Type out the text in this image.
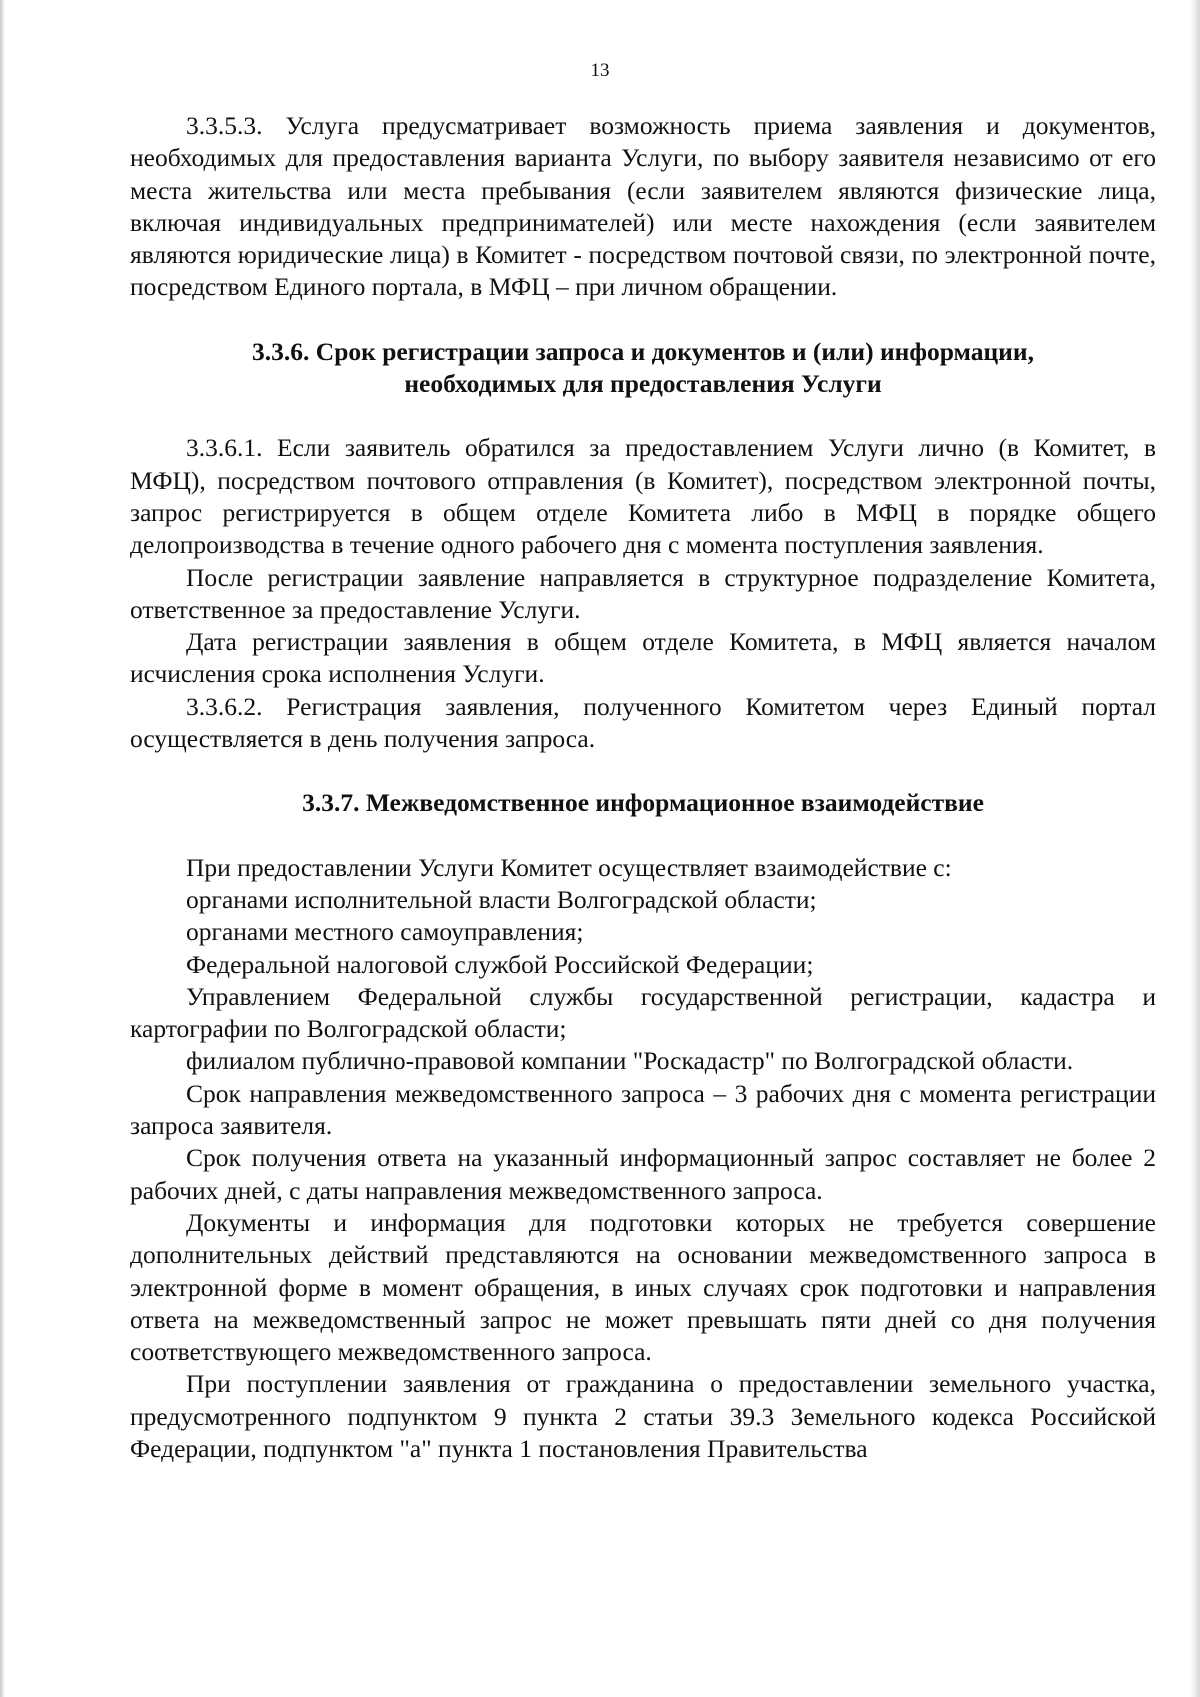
13

3.3.5.3. Услуга предусматривает возможность приема заявления и документов, необходимых для предоставления варианта Услуги, по выбору заявителя независимо от его места жительства или места пребывания (если заявителем являются физические лица, включая индивидуальных предпринимателей) или месте нахождения (если заявителем являются юридические лица) в Комитет - посредством почтовой связи, по электронной почте, посредством Единого портала, в МФЦ – при личном обращении.

3.3.6. Срок регистрации запроса и документов и (или) информации,
необходимых для предоставления Услуги

3.3.6.1. Если заявитель обратился за предоставлением Услуги лично (в Комитет, в МФЦ), посредством почтового отправления (в Комитет), посредством электронной почты, запрос регистрируется в общем отделе Комитета либо в МФЦ в порядке общего делопроизводства в течение одного рабочего дня с момента поступления заявления.

После регистрации заявление направляется в структурное подразделение Комитета, ответственное за предоставление Услуги.

Дата регистрации заявления в общем отделе Комитета, в МФЦ является началом исчисления срока исполнения Услуги.

3.3.6.2. Регистрация заявления, полученного Комитетом через Единый портал осуществляется в день получения запроса.

3.3.7. Межведомственное информационное взаимодействие

При предоставлении Услуги Комитет осуществляет взаимодействие с:

органами исполнительной власти Волгоградской области;

органами местного самоуправления;

Федеральной налоговой службой Российской Федерации;

Управлением Федеральной службы государственной регистрации, кадастра и картографии по Волгоградской области;

филиалом публично-правовой компании "Роскадастр" по Волгоградской области.

Срок направления межведомственного запроса – 3 рабочих дня с момента регистрации запроса заявителя.

Срок получения ответа на указанный информационный запрос составляет не более 2 рабочих дней, с даты направления межведомственного запроса.

Документы и информация для подготовки которых не требуется совершение дополнительных действий представляются на основании межведомственного запроса в электронной форме в момент обращения, в иных случаях срок подготовки и направления ответа на межведомственный запрос не может превышать пяти дней со дня получения соответствующего межведомственного запроса.

При поступлении заявления от гражданина о предоставлении земельного участка, предусмотренного подпунктом 9 пункта 2 статьи 39.3 Земельного кодекса Российской Федерации, подпунктом "а" пункта 1 постановления Правительства
